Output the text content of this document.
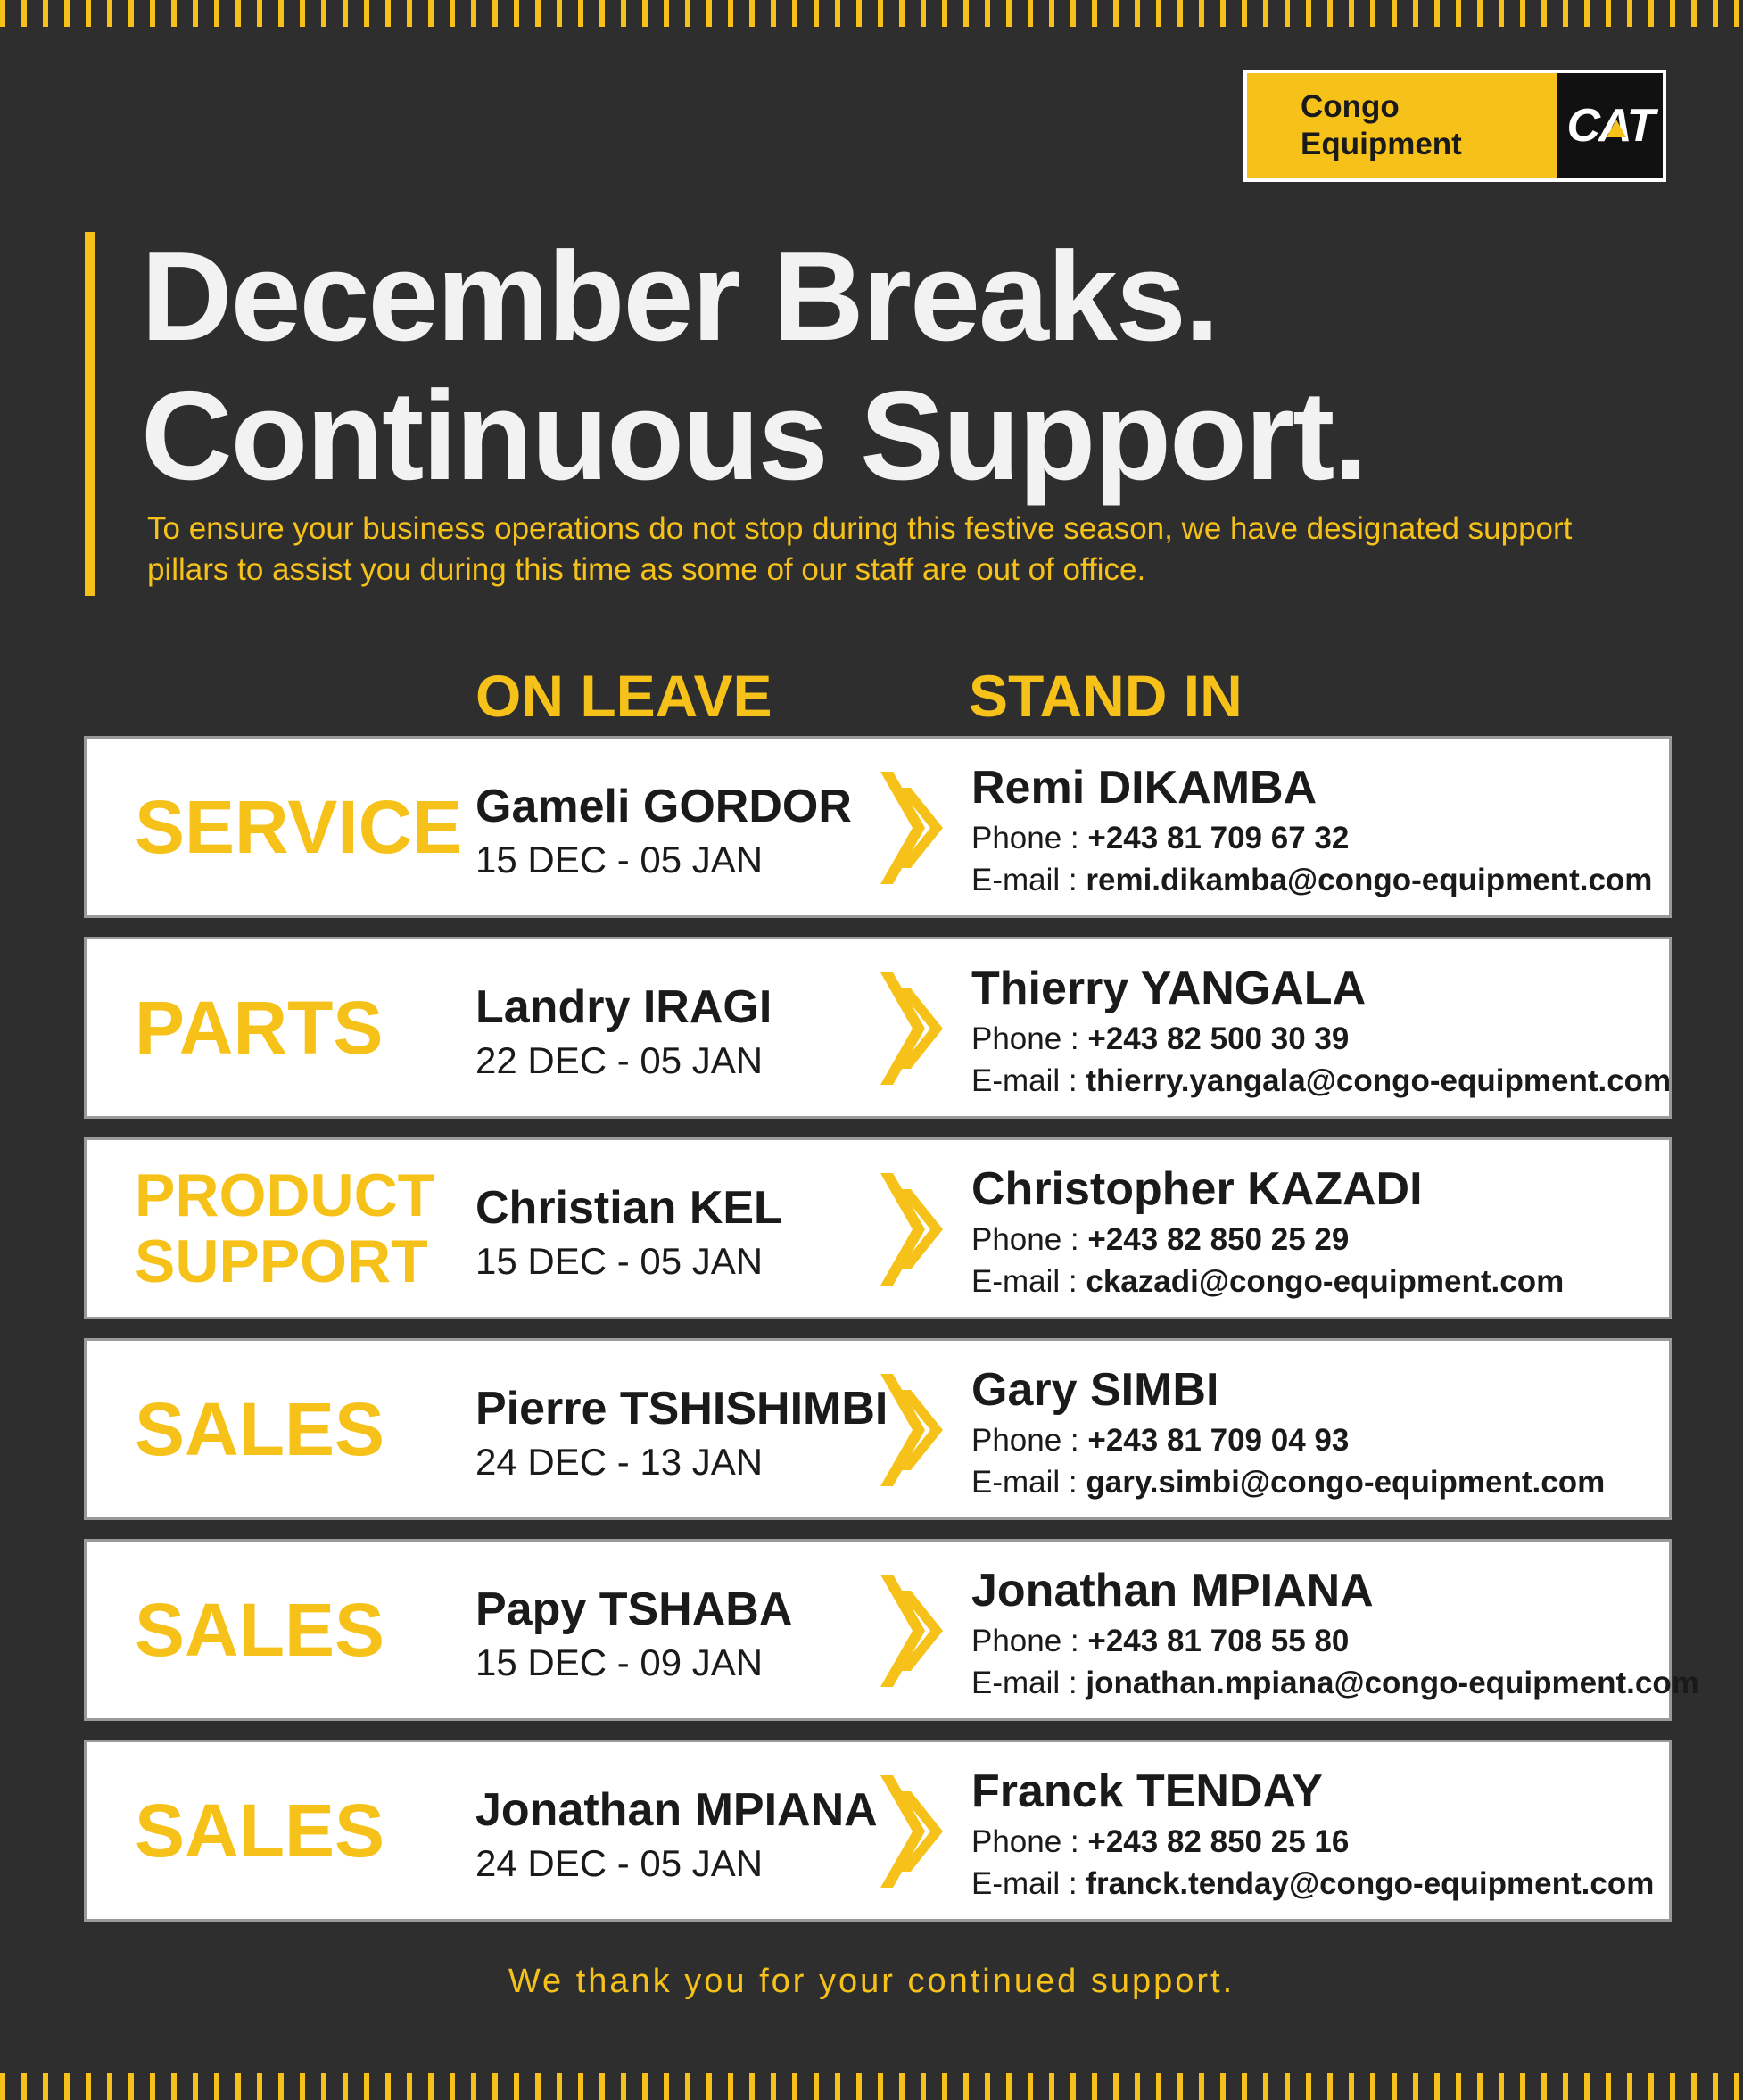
Congo
Equipment	CAT
December Breaks.
Continuous Support.

To ensure your business operations do not stop during this festive season, we have designated support pillars to assist you during this time as some of our staff are out of office.

ON LEAVE	STAND IN
SERVICE Gameli GORDOR
15 DEC - 05 JAN
Remi DIKAMBA
Phone : +243 81 709 67 32
E-mail : remi.dikamba@congo-equipment.com
PARTS Landry IRAGI
22 DEC - 05 JAN
Thierry YANGALA
Phone : +243 82 500 30 39
E-mail : thierry.yangala@congo-equipment.com
PRODUCT
SUPPORT
Christian KEL
15 DEC - 05 JAN
Christopher KAZADI
Phone : +243 82 850 25 29
E-mail : ckazadi@congo-equipment.com
SALES Pierre TSHISHIMBI
24 DEC - 13 JAN
Gary SIMBI
Phone : +243 81 709 04 93
E-mail : gary.simbi@congo-equipment.com
SALES Papy TSHABA
15 DEC - 09 JAN
Jonathan MPIANA
Phone : +243 81 708 55 80
E-mail : jonathan.mpiana@congo-equipment.com
SALES Jonathan MPIANA
24 DEC - 05 JAN
Franck TENDAY
Phone : +243 82 850 25 16
E-mail : franck.tenday@congo-equipment.com
We thank you for your continued support.
